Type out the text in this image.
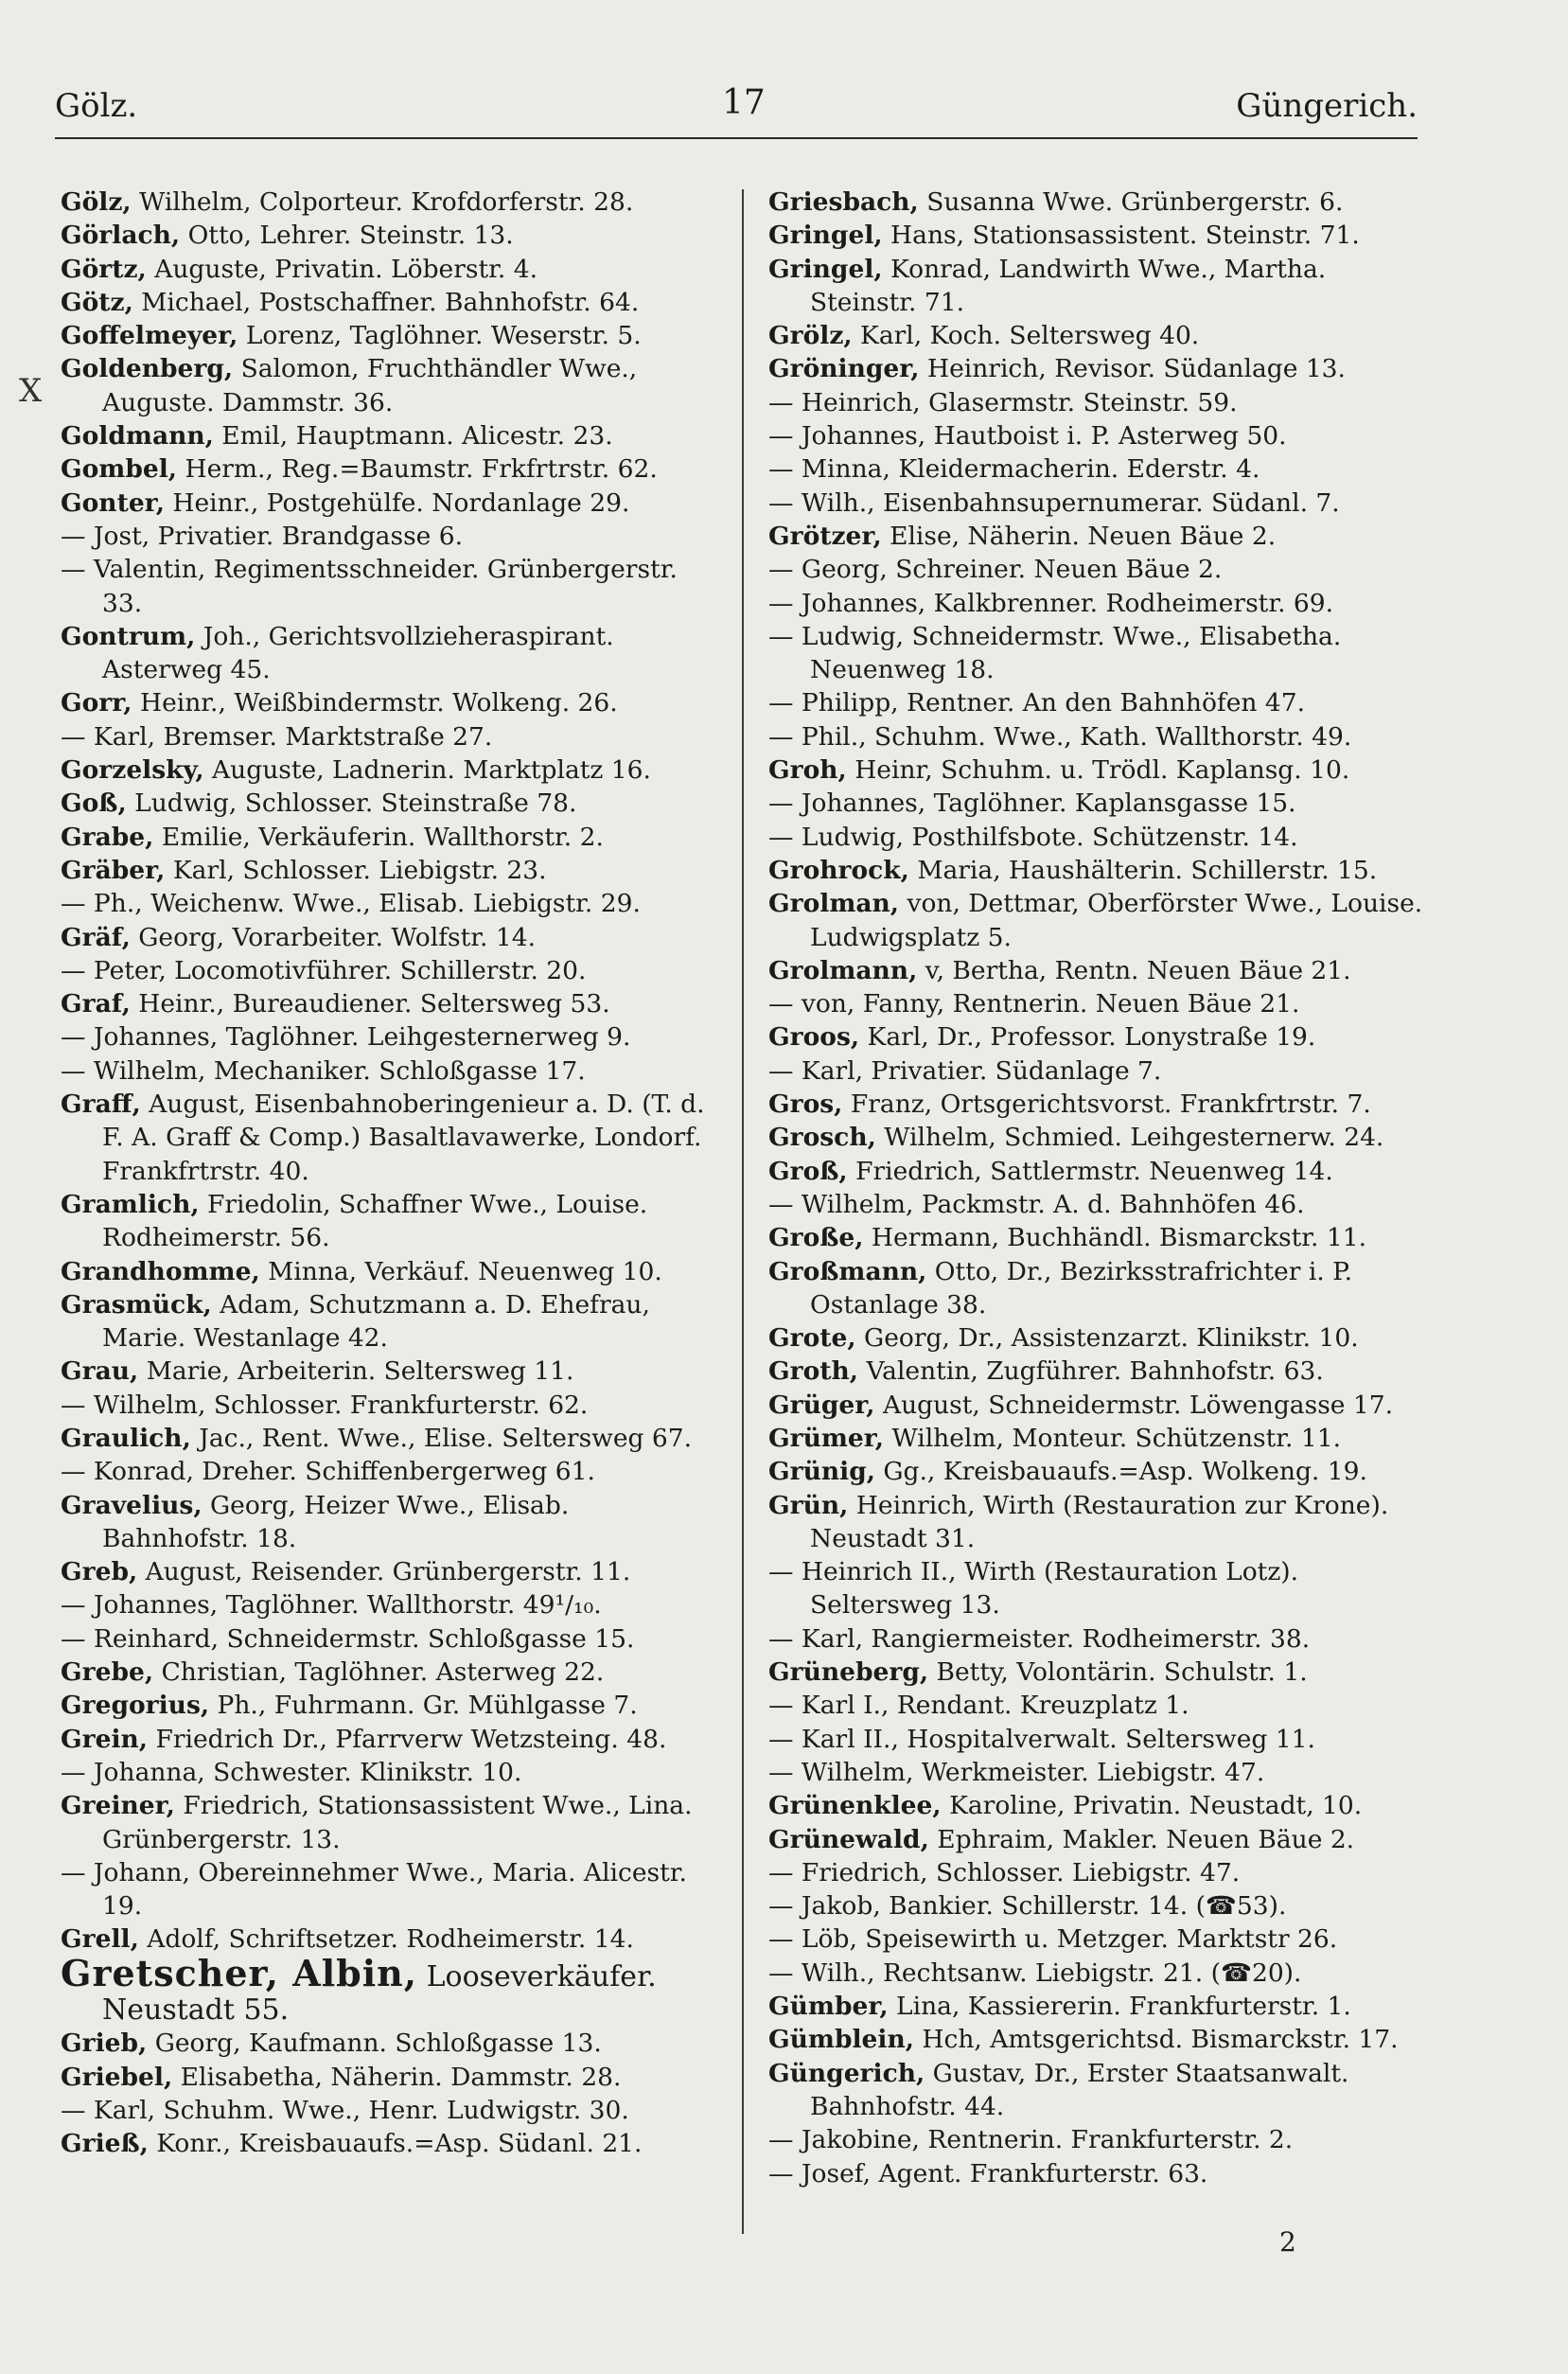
Gölz.	17	Güngerich.
X
Gölz, Wilhelm, Colporteur. Krofdorferstr. 28.
Görlach, Otto, Lehrer. Steinstr. 13.
Görtz, Auguste, Privatin. Löberstr. 4.
Götz, Michael, Postschaffner. Bahnhofstr. 64.
Goffelmeyer, Lorenz, Taglöhner. Weserstr. 5.
Goldenberg, Salomon, Fruchthändler Wwe., Auguste. Dammstr. 36.
Goldmann, Emil, Hauptmann. Alicestr. 23.
Gombel, Herm., Reg.=Baumstr. Frkfrtrstr. 62.
Gonter, Heinr., Postgehülfe. Nordanlage 29.
— Jost, Privatier. Brandgasse 6.
— Valentin, Regimentsschneider. Grünbergerstr. 33.
Gontrum, Joh., Gerichtsvollzieheraspirant. Asterweg 45.
Gorr, Heinr., Weißbindermstr. Wolkeng. 26.
— Karl, Bremser. Marktstraße 27.
Gorzelsky, Auguste, Ladnerin. Marktplatz 16.
Goß, Ludwig, Schlosser. Steinstraße 78.
Grabe, Emilie, Verkäuferin. Wallthorstr. 2.
Gräber, Karl, Schlosser. Liebigstr. 23.
— Ph., Weichenw. Wwe., Elisab. Liebigstr. 29.
Gräf, Georg, Vorarbeiter. Wolfstr. 14.
— Peter, Locomotivführer. Schillerstr. 20.
Graf, Heinr., Bureaudiener. Seltersweg 53.
— Johannes, Taglöhner. Leihgesternerweg 9.
— Wilhelm, Mechaniker. Schloßgasse 17.
Graff, August, Eisenbahnoberingenieur a. D. (T. d. F. A. Graff & Comp.) Basaltlavawerke, Londorf. Frankfrtrstr. 40.
Gramlich, Friedolin, Schaffner Wwe., Louise. Rodheimerstr. 56.
Grandhomme, Minna, Verkäuf. Neuenweg 10.
Grasmück, Adam, Schutzmann a. D. Ehefrau, Marie. Westanlage 42.
Grau, Marie, Arbeiterin. Seltersweg 11.
— Wilhelm, Schlosser. Frankfurterstr. 62.
Graulich, Jac., Rent. Wwe., Elise. Seltersweg 67.
— Konrad, Dreher. Schiffenbergerweg 61.
Gravelius, Georg, Heizer Wwe., Elisab. Bahnhofstr. 18.
Greb, August, Reisender. Grünbergerstr. 11.
— Johannes, Taglöhner. Wallthorstr. 49¹/₁₀.
— Reinhard, Schneidermstr. Schloßgasse 15.
Grebe, Christian, Taglöhner. Asterweg 22.
Gregorius, Ph., Fuhrmann. Gr. Mühlgasse 7.
Grein, Friedrich Dr., Pfarrverw Wetzsteing. 48.
— Johanna, Schwester. Klinikstr. 10.
Greiner, Friedrich, Stationsassistent Wwe., Lina. Grünbergerstr. 13.
— Johann, Obereinnehmer Wwe., Maria. Alicestr. 19.
Grell, Adolf, Schriftsetzer. Rodheimerstr. 14.
Gretscher, Albin, Looseverkäufer. Neustadt 55.
Grieb, Georg, Kaufmann. Schloßgasse 13.
Griebel, Elisabetha, Näherin. Dammstr. 28.
— Karl, Schuhm. Wwe., Henr. Ludwigstr. 30.
Grieß, Konr., Kreisbauaufs.=Asp. Südanl. 21.
Griesbach, Susanna Wwe. Grünbergerstr. 6.
Gringel, Hans, Stationsassistent. Steinstr. 71.
Gringel, Konrad, Landwirth Wwe., Martha. Steinstr. 71.
Grölz, Karl, Koch. Seltersweg 40.
Gröninger, Heinrich, Revisor. Südanlage 13.
— Heinrich, Glasermstr. Steinstr. 59.
— Johannes, Hautboist i. P. Asterweg 50.
— Minna, Kleidermacherin. Ederstr. 4.
— Wilh., Eisenbahnsupernumerar. Südanl. 7.
Grötzer, Elise, Näherin. Neuen Bäue 2.
— Georg, Schreiner. Neuen Bäue 2.
— Johannes, Kalkbrenner. Rodheimerstr. 69.
— Ludwig, Schneidermstr. Wwe., Elisabetha. Neuenweg 18.
— Philipp, Rentner. An den Bahnhöfen 47.
— Phil., Schuhm. Wwe., Kath. Wallthorstr. 49.
Groh, Heinr, Schuhm. u. Trödl. Kaplansg. 10.
— Johannes, Taglöhner. Kaplansgasse 15.
— Ludwig, Posthilfsbote. Schützenstr. 14.
Grohrock, Maria, Haushälterin. Schillerstr. 15.
Grolman, von, Dettmar, Oberförster Wwe., Louise. Ludwigsplatz 5.
Grolmann, v, Bertha, Rentn. Neuen Bäue 21.
— von, Fanny, Rentnerin. Neuen Bäue 21.
Groos, Karl, Dr., Professor. Lonystraße 19.
— Karl, Privatier. Südanlage 7.
Gros, Franz, Ortsgerichtsvorst. Frankfrtrstr. 7.
Grosch, Wilhelm, Schmied. Leihgesternerw. 24.
Groß, Friedrich, Sattlermstr. Neuenweg 14.
— Wilhelm, Packmstr. A. d. Bahnhöfen 46.
Große, Hermann, Buchhändl. Bismarckstr. 11.
Großmann, Otto, Dr., Bezirksstrafrichter i. P. Ostanlage 38.
Grote, Georg, Dr., Assistenzarzt. Klinikstr. 10.
Groth, Valentin, Zugführer. Bahnhofstr. 63.
Grüger, August, Schneidermstr. Löwengasse 17.
Grümer, Wilhelm, Monteur. Schützenstr. 11.
Grünig, Gg., Kreisbauaufs.=Asp. Wolkeng. 19.
Grün, Heinrich, Wirth (Restauration zur Krone). Neustadt 31.
— Heinrich II., Wirth (Restauration Lotz). Seltersweg 13.
— Karl, Rangiermeister. Rodheimerstr. 38.
Grüneberg, Betty, Volontärin. Schulstr. 1.
— Karl I., Rendant. Kreuzplatz 1.
— Karl II., Hospitalverwalt. Seltersweg 11.
— Wilhelm, Werkmeister. Liebigstr. 47.
Grünenklee, Karoline, Privatin. Neustadt, 10.
Grünewald, Ephraim, Makler. Neuen Bäue 2.
— Friedrich, Schlosser. Liebigstr. 47.
— Jakob, Bankier. Schillerstr. 14. (☎53).
— Löb, Speisewirth u. Metzger. Marktstr 26.
— Wilh., Rechtsanw. Liebigstr. 21. (☎20).
Gümber, Lina, Kassiererin. Frankfurterstr. 1.
Gümblein, Hch, Amtsgerichtsd. Bismarckstr. 17.
Güngerich, Gustav, Dr., Erster Staatsanwalt. Bahnhofstr. 44.
— Jakobine, Rentnerin. Frankfurterstr. 2.
— Josef, Agent. Frankfurterstr. 63.
2
